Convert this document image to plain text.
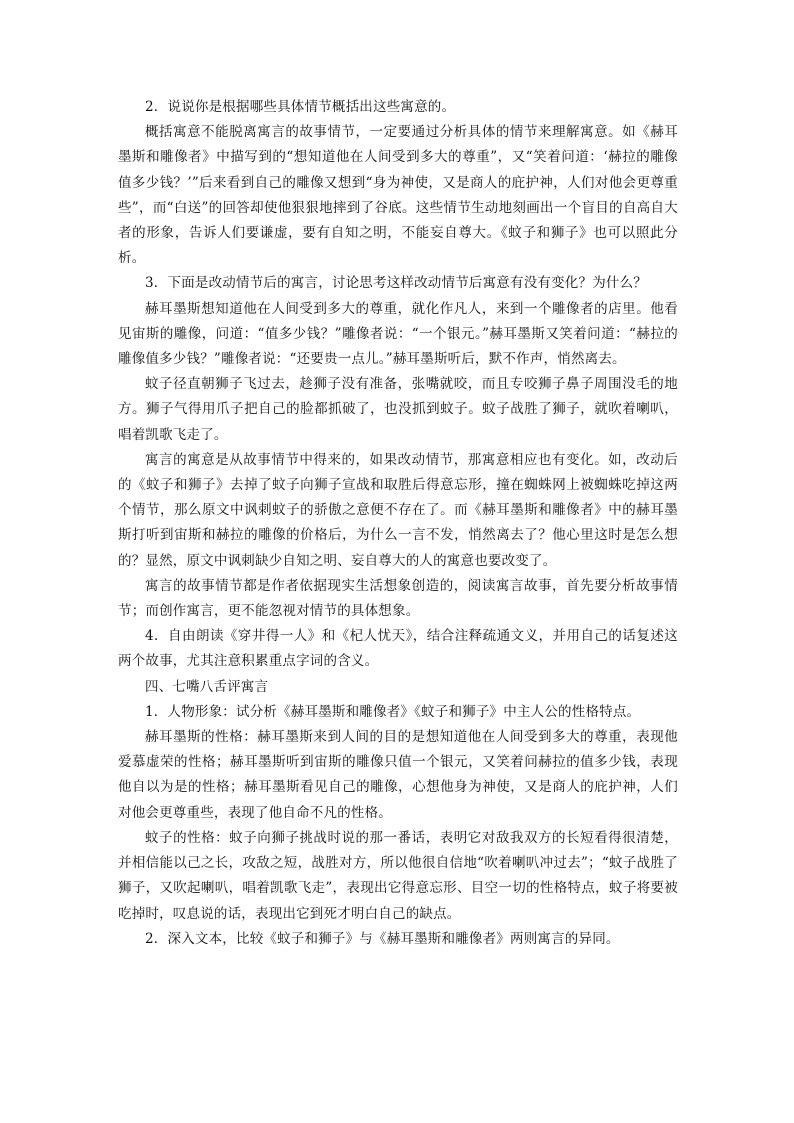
2．说说你是根据哪些具体情节概括出这些寓意的。

概括寓意不能脱离寓言的故事情节，一定要通过分析具体的情节来理解寓意。如《赫耳墨斯和雕像者》中描写到的“想知道他在人间受到多大的尊重”，又“笑着问道：‘赫拉的雕像值多少钱？’”后来看到自己的雕像又想到“身为神使，又是商人的庇护神，人们对他会更尊重些”，而“白送”的回答却使他狠狠地摔到了谷底。这些情节生动地刻画出一个盲目的自高自大者的形象，告诉人们要谦虚，要有自知之明，不能妄自尊大。《蚊子和狮子》也可以照此分析。

3．下面是改动情节后的寓言，讨论思考这样改动情节后寓意有没有变化？为什么？

赫耳墨斯想知道他在人间受到多大的尊重，就化作凡人，来到一个雕像者的店里。他看见宙斯的雕像，问道：“值多少钱？”雕像者说：“一个银元。”赫耳墨斯又笑着问道：“赫拉的雕像值多少钱？”雕像者说：“还要贵一点儿。”赫耳墨斯听后，默不作声，悄然离去。

蚊子径直朝狮子飞过去，趁狮子没有准备，张嘴就咬，而且专咬狮子鼻子周围没毛的地方。狮子气得用爪子把自己的脸都抓破了，也没抓到蚊子。蚊子战胜了狮子，就吹着喇叭，唱着凯歌飞走了。

寓言的寓意是从故事情节中得来的，如果改动情节，那寓意相应也有变化。如，改动后的《蚊子和狮子》去掉了蚊子向狮子宣战和取胜后得意忘形，撞在蜘蛛网上被蜘蛛吃掉这两个情节，那么原文中讽刺蚊子的骄傲之意便不存在了。而《赫耳墨斯和雕像者》中的赫耳墨斯打听到宙斯和赫拉的雕像的价格后，为什么一言不发，悄然离去了？他心里这时是怎么想的？显然，原文中讽刺缺少自知之明、妄自尊大的人的寓意也要改变了。

寓言的故事情节都是作者依据现实生活想象创造的，阅读寓言故事，首先要分析故事情节；而创作寓言，更不能忽视对情节的具体想象。

4．自由朗读《穿井得一人》和《杞人忧天》，结合注释疏通文义，并用自己的话复述这两个故事，尤其注意积累重点字词的含义。

四、七嘴八舌评寓言

1．人物形象：试分析《赫耳墨斯和雕像者》《蚊子和狮子》中主人公的性格特点。

赫耳墨斯的性格：赫耳墨斯来到人间的目的是想知道他在人间受到多大的尊重，表现他爱慕虚荣的性格；赫耳墨斯听到宙斯的雕像只值一个银元，又笑着问赫拉的值多少钱，表现他自以为是的性格；赫耳墨斯看见自己的雕像，心想他身为神使，又是商人的庇护神，人们对他会更尊重些，表现了他自命不凡的性格。

蚊子的性格：蚊子向狮子挑战时说的那一番话，表明它对敌我双方的长短看得很清楚，并相信能以己之长，攻敌之短，战胜对方，所以他很自信地“吹着喇叭冲过去”；“蚊子战胜了狮子，又吹起喇叭，唱着凯歌飞走”，表现出它得意忘形、目空一切的性格特点，蚊子将要被吃掉时，叹息说的话，表现出它到死才明白自己的缺点。

2．深入文本，比较《蚊子和狮子》与《赫耳墨斯和雕像者》两则寓言的异同。
